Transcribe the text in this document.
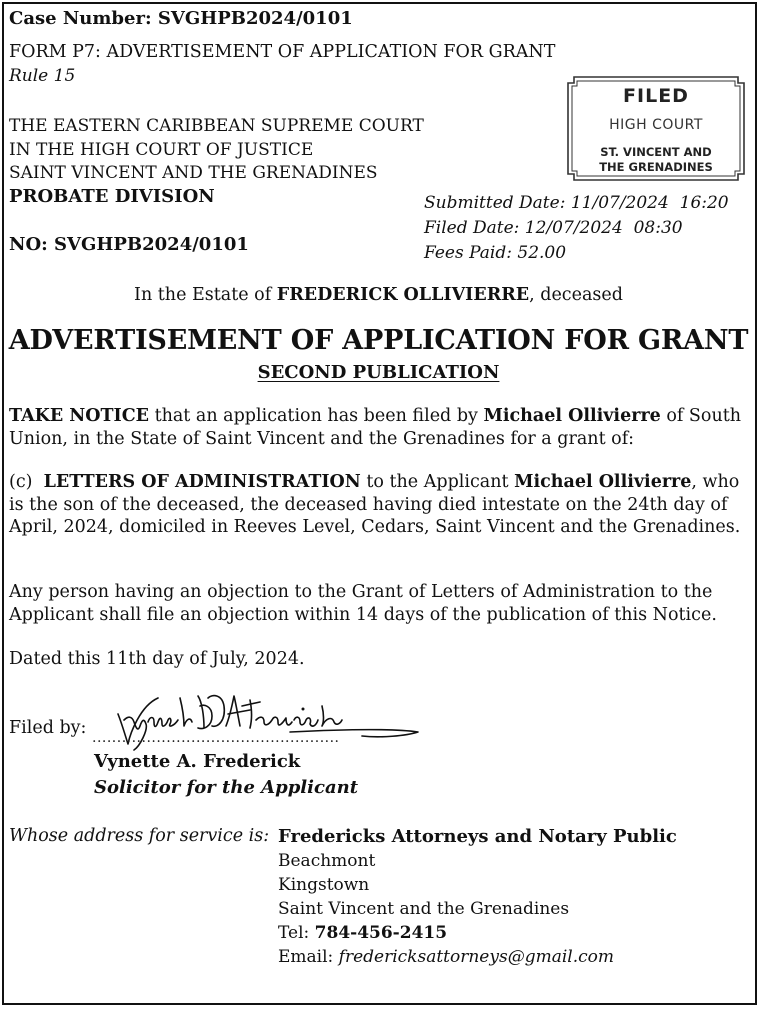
Case Number: SVGHPB2024/0101
FORM P7: ADVERTISEMENT OF APPLICATION FOR GRANT
Rule 15
THE EASTERN CARIBBEAN SUPREME COURT
IN THE HIGH COURT OF JUSTICE
SAINT VINCENT AND THE GRENADINES
PROBATE DIVISION
NO: SVGHPB2024/0101
FILED
HIGH COURT
ST. VINCENT AND
THE GRENADINES
Submitted Date: 11/07/2024  16:20
Filed Date: 12/07/2024  08:30
Fees Paid: 52.00
In the Estate of FREDERICK OLLIVIERRE, deceased
ADVERTISEMENT OF APPLICATION FOR GRANT
SECOND PUBLICATION
TAKE NOTICE that an application has been filed by Michael Ollivierre of South Union, in the State of Saint Vincent and the Grenadines for a grant of:
(c)  LETTERS OF ADMINISTRATION to the Applicant Michael Ollivierre, who is the son of the deceased, the deceased having died intestate on the 24th day of April, 2024, domiciled in Reeves Level, Cedars, Saint Vincent and the Grenadines.
Any person having an objection to the Grant of Letters of Administration to the Applicant shall file an objection within 14 days of the publication of this Notice.
Dated this 11th day of July, 2024.
Filed by: ..................................................
Vynette A. Frederick
Solicitor for the Applicant
Whose address for service is: Fredericks Attorneys and Notary Public
Beachmont
Kingstown
Saint Vincent and the Grenadines
Tel: 784-456-2415
Email: fredericksattorneys@gmail.com
